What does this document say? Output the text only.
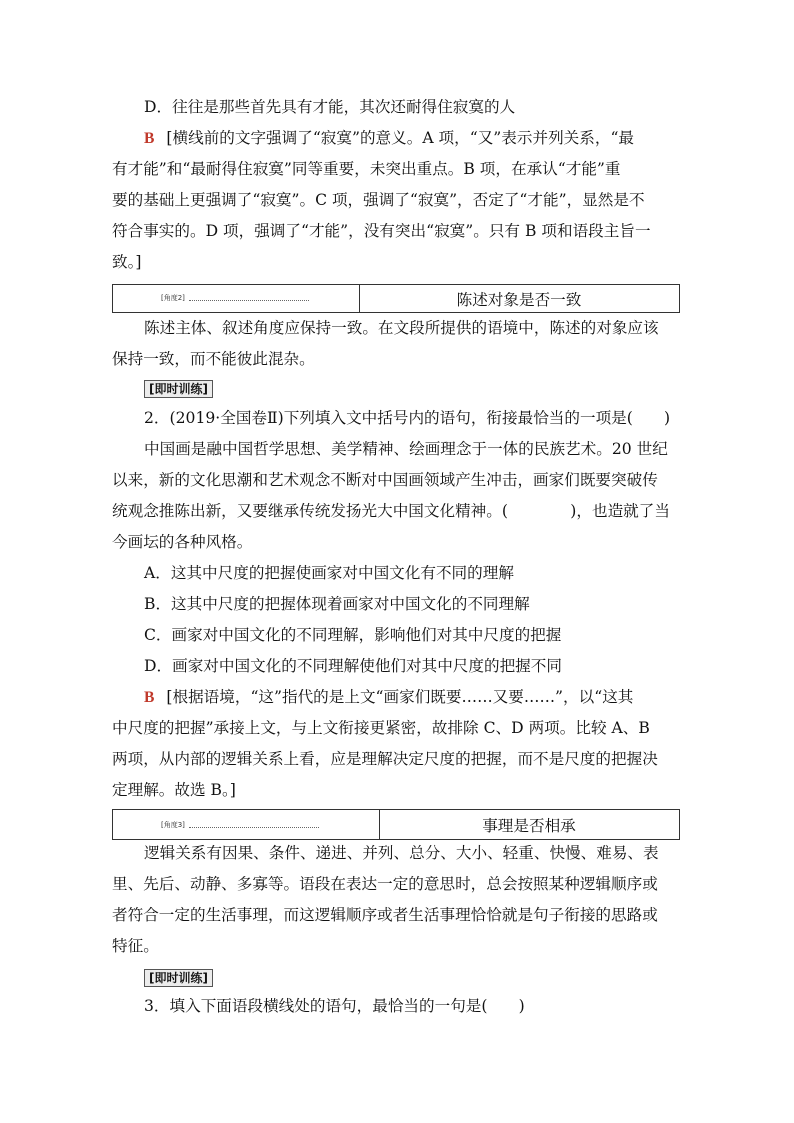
D．往往是那些首先具有才能，其次还耐得住寂寞的人
B [横线前的文字强调了“寂寞”的意义。A 项，“又”表示并列关系，“最
有才能”和“最耐得住寂寞”同等重要，未突出重点。B 项，在承认“才能”重
要的基础上更强调了“寂寞”。C 项，强调了“寂寞”，否定了“才能”，显然是不
符合事实的。D 项，强调了“才能”，没有突出“寂寞”。只有 B 项和语段主旨一
致。]
[角度2]	陈述对象是否一致
陈述主体、叙述角度应保持一致。在文段所提供的语境中，陈述的对象应该
保持一致，而不能彼此混杂。
[即时训练]
2．(2019·全国卷Ⅱ)下列填入文中括号内的语句，衔接最恰当的一项是(　　)
中国画是融中国哲学思想、美学精神、绘画理念于一体的民族艺术。20 世纪
以来，新的文化思潮和艺术观念不断对中国画领域产生冲击，画家们既要突破传
统观念推陈出新，又要继承传统发扬光大中国文化精神。(　　　　)，也造就了当
今画坛的各种风格。
A．这其中尺度的把握使画家对中国文化有不同的理解
B．这其中尺度的把握体现着画家对中国文化的不同理解
C．画家对中国文化的不同理解，影响他们对其中尺度的把握
D．画家对中国文化的不同理解使他们对其中尺度的把握不同
B [根据语境，“这”指代的是上文“画家们既要……又要……”，以“这其
中尺度的把握”承接上文，与上文衔接更紧密，故排除 C、D 两项。比较 A、B
两项，从内部的逻辑关系上看，应是理解决定尺度的把握，而不是尺度的把握决
定理解。故选 B。]
[角度3]	事理是否相承
逻辑关系有因果、条件、递进、并列、总分、大小、轻重、快慢、难易、表
里、先后、动静、多寡等。语段在表达一定的意思时，总会按照某种逻辑顺序或
者符合一定的生活事理，而这逻辑顺序或者生活事理恰恰就是句子衔接的思路或
特征。
[即时训练]
3．填入下面语段横线处的语句，最恰当的一句是(　　)
